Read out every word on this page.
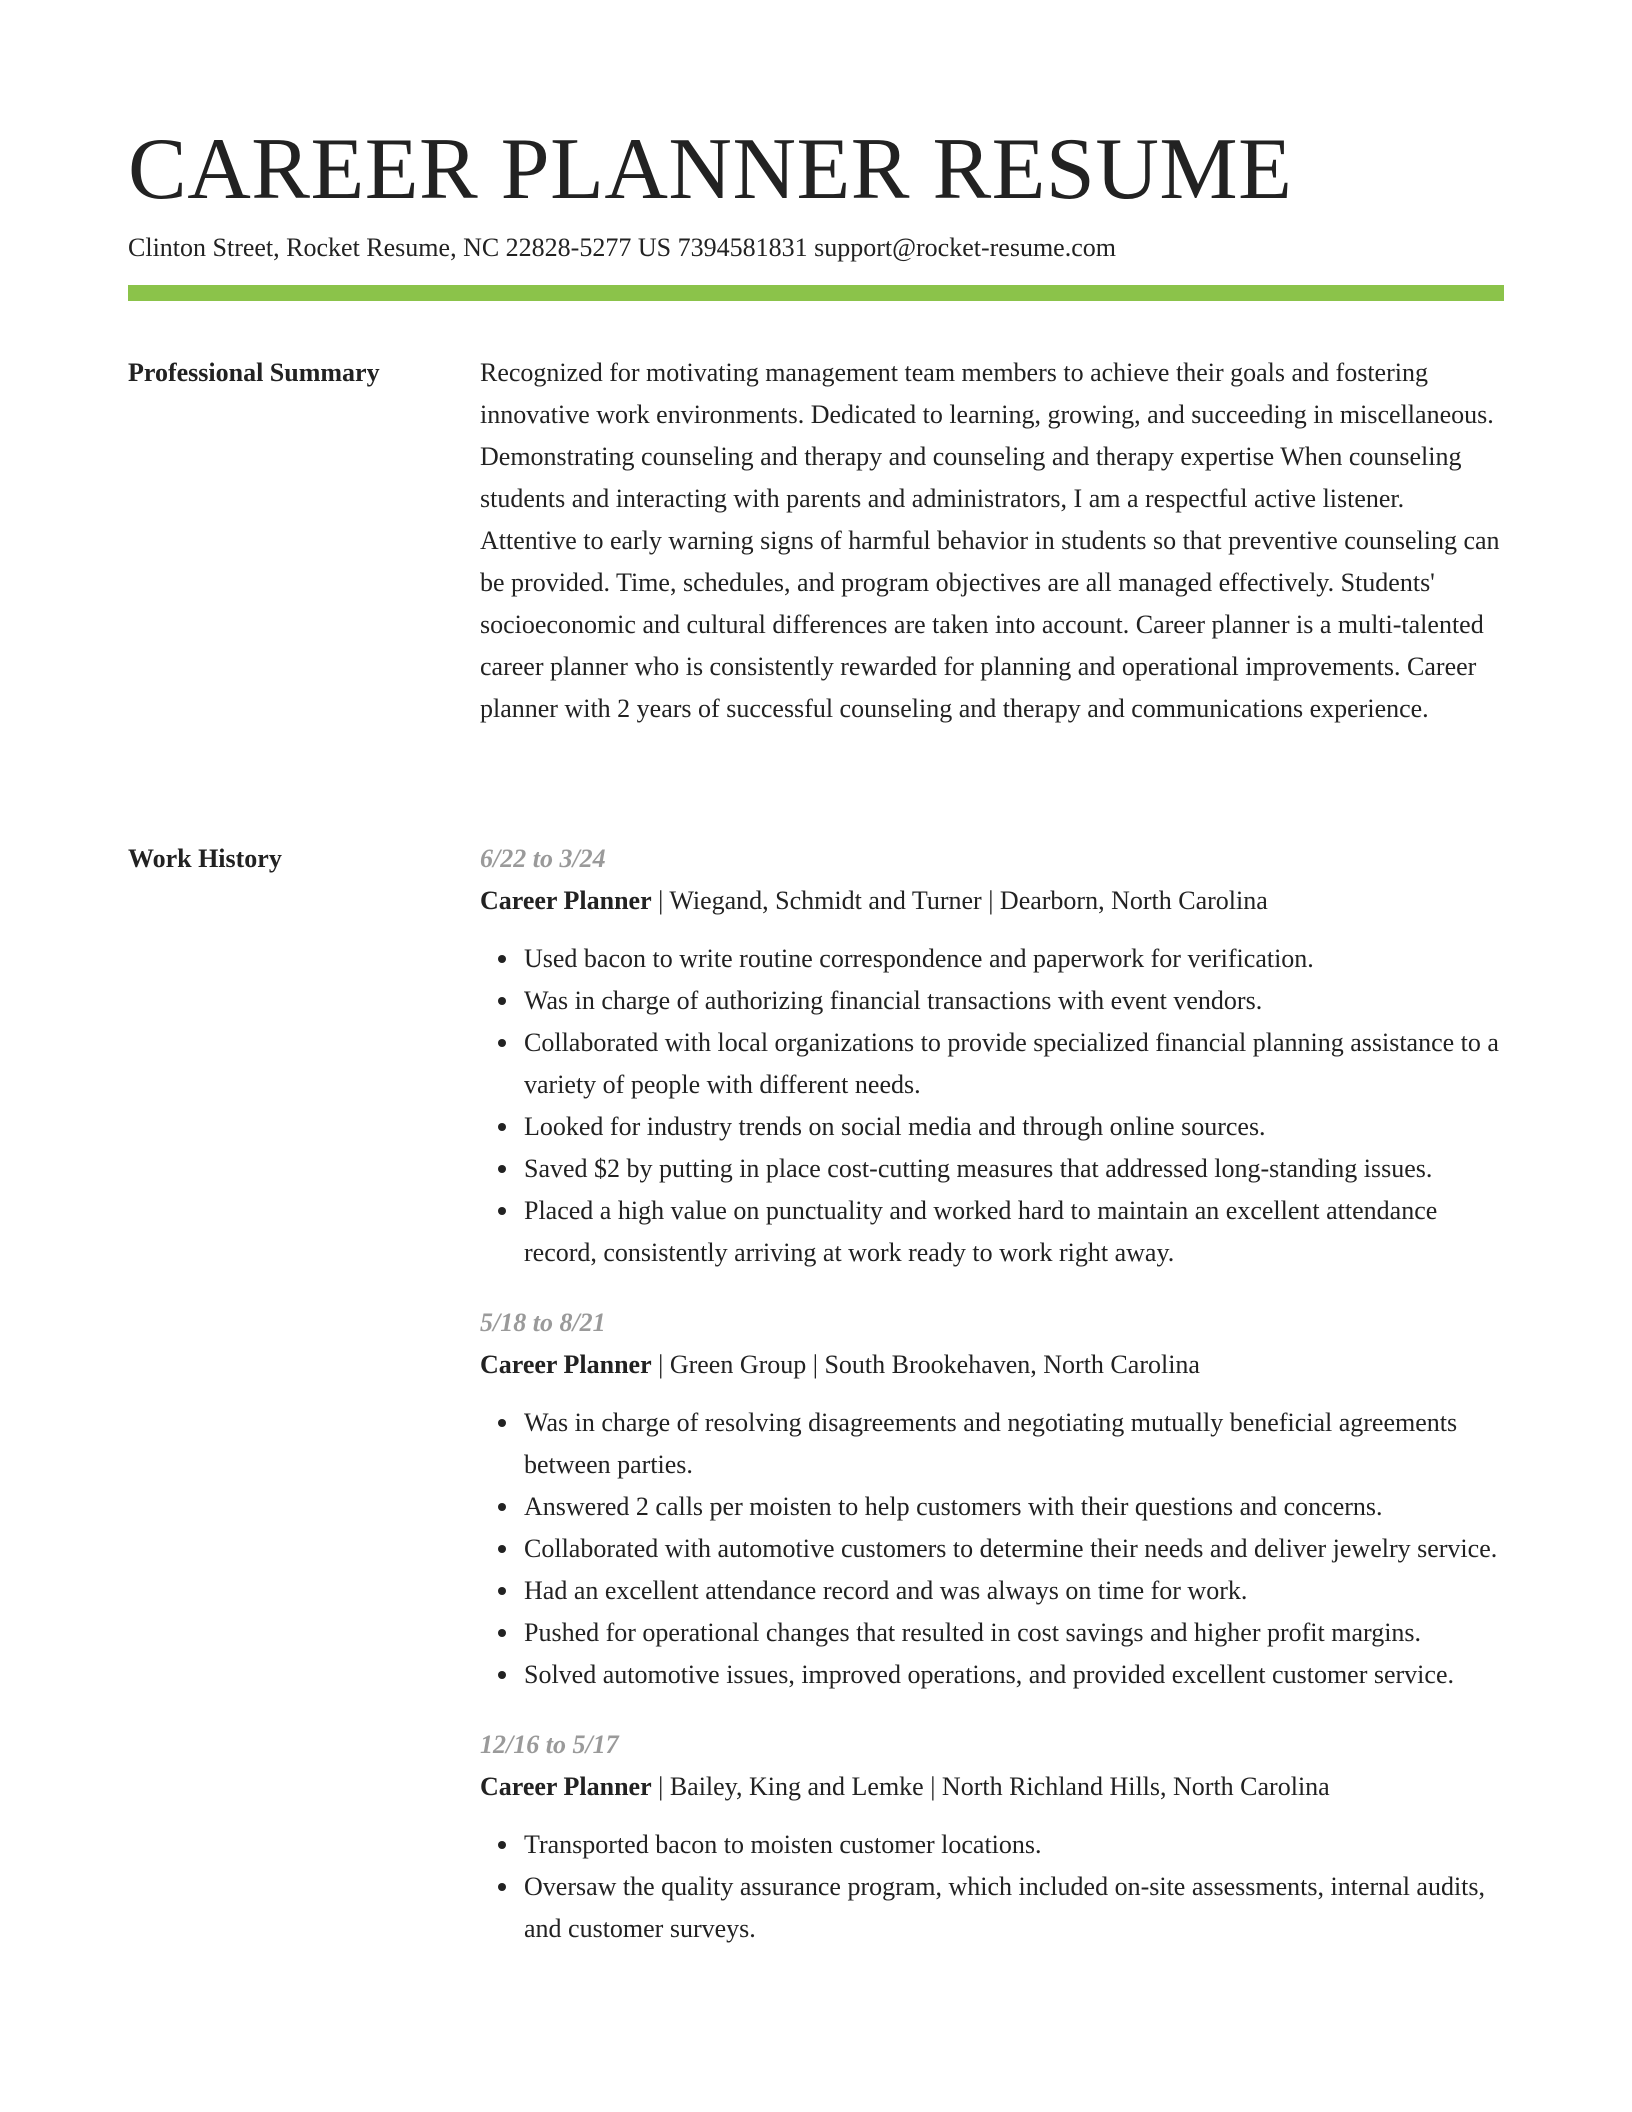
CAREER PLANNER RESUME
Clinton Street, Rocket Resume, NC 22828-5277 US 7394581831 support@rocket-resume.com
Professional Summary	Recognized for motivating management team members to achieve their goals and fostering innovative work environments. Dedicated to learning, growing, and succeeding in miscellaneous. Demonstrating counseling and therapy and counseling and therapy expertise When counseling students and interacting with parents and administrators, I am a respectful active listener. Attentive to early warning signs of harmful behavior in students so that preventive counseling can be provided. Time, schedules, and program objectives are all managed effectively. Students' socioeconomic and cultural differences are taken into account. Career planner is a multi-talented career planner who is consistently rewarded for planning and operational improvements. Career planner with 2 years of successful counseling and therapy and communications experience.

Work History	6/22 to 3/24
Career Planner | Wiegand, Schmidt and Turner | Dearborn, North Carolina
Used bacon to write routine correspondence and paperwork for verification.
Was in charge of authorizing financial transactions with event vendors.
Collaborated with local organizations to provide specialized financial planning assistance to a variety of people with different needs.
Looked for industry trends on social media and through online sources.
Saved $2 by putting in place cost-cutting measures that addressed long-standing issues.
Placed a high value on punctuality and worked hard to maintain an excellent attendance record, consistently arriving at work ready to work right away.
5/18 to 8/21
Career Planner | Green Group | South Brookehaven, North Carolina
Was in charge of resolving disagreements and negotiating mutually beneficial agreements between parties.
Answered 2 calls per moisten to help customers with their questions and concerns.
Collaborated with automotive customers to determine their needs and deliver jewelry service.
Had an excellent attendance record and was always on time for work.
Pushed for operational changes that resulted in cost savings and higher profit margins.
Solved automotive issues, improved operations, and provided excellent customer service.
12/16 to 5/17
Career Planner | Bailey, King and Lemke | North Richland Hills, North Carolina
Transported bacon to moisten customer locations.
Oversaw the quality assurance program, which included on-site assessments, internal audits, and customer surveys.
